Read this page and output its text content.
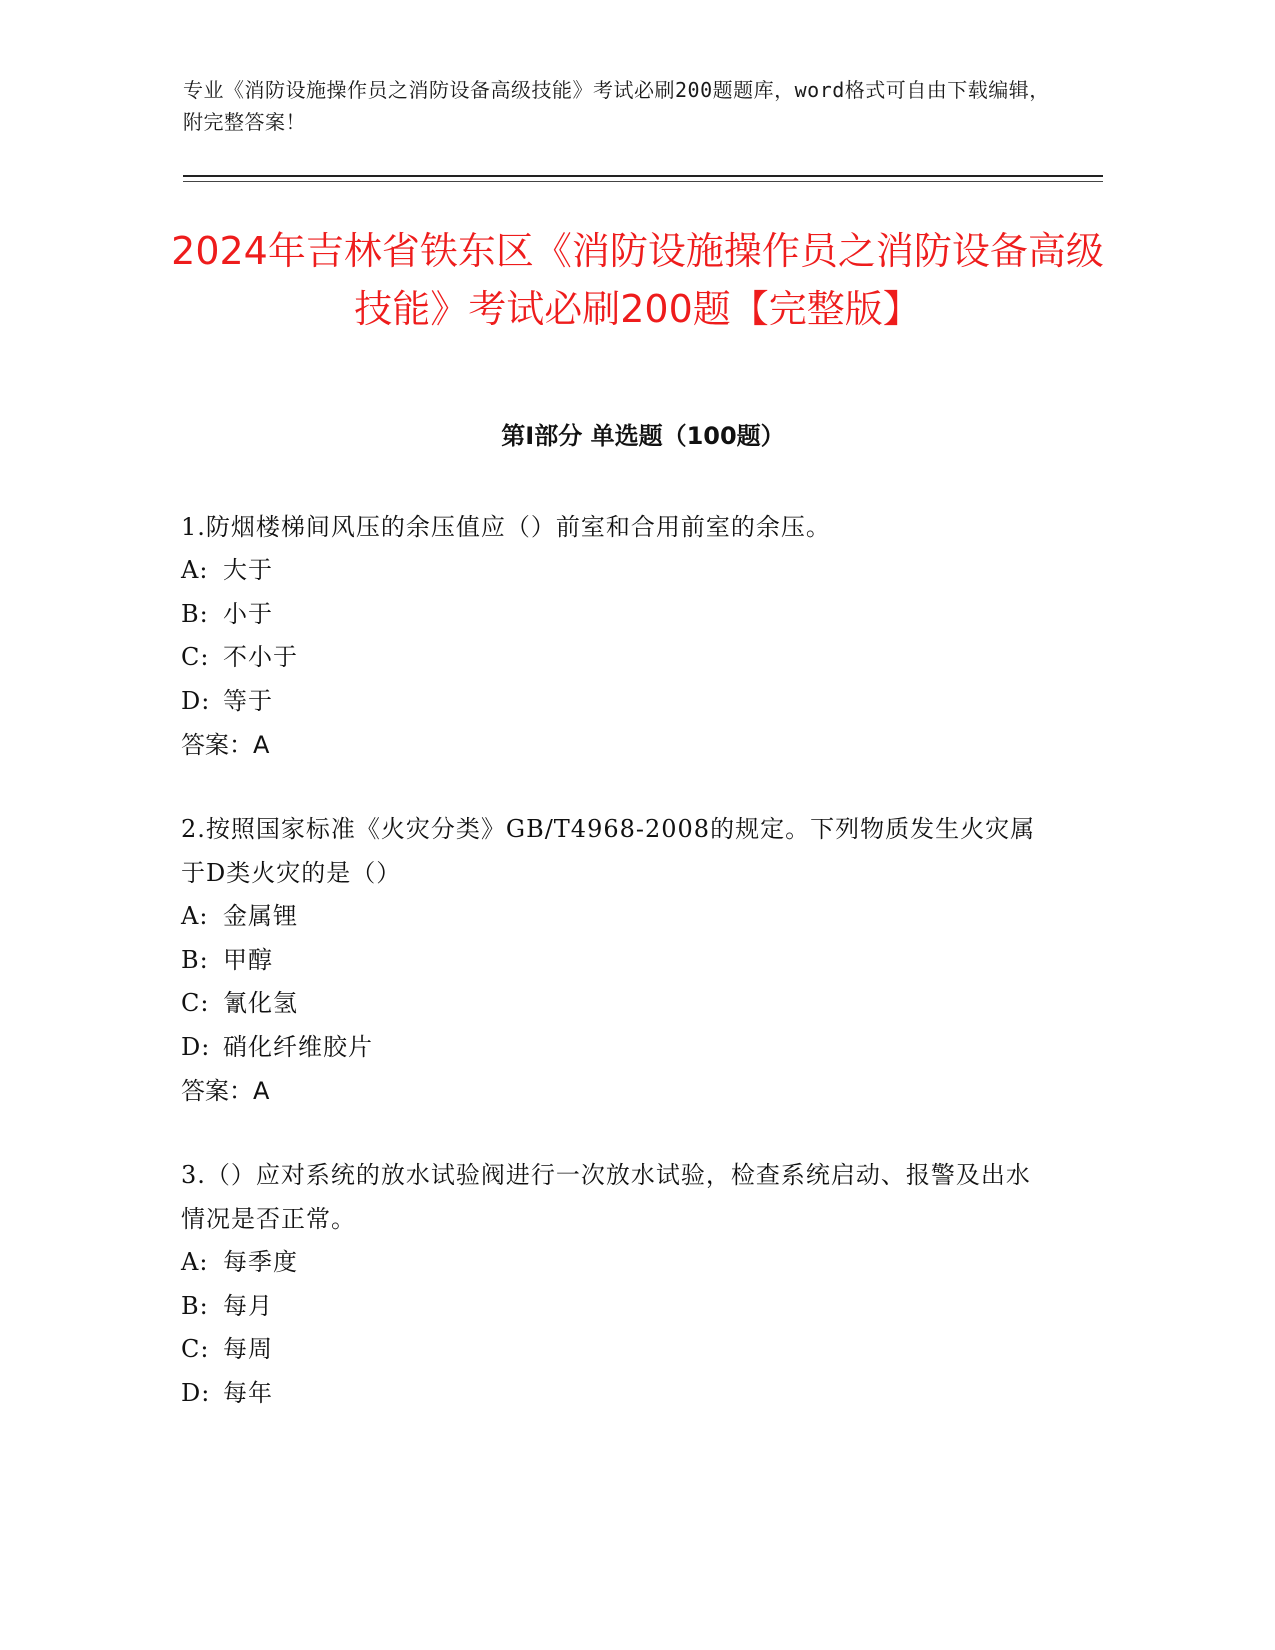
专业《消防设施操作员之消防设备高级技能》考试必刷200题题库，word格式可自由下载编辑，附完整答案！
2024年吉林省铁东区《消防设施操作员之消防设备高级技能》考试必刷200题【完整版】
第I部分 单选题（100题）

1.防烟楼梯间风压的余压值应（）前室和合用前室的余压。

A: 大于
B: 小于
C: 不小于
D: 等于
答案：A

2.按照国家标准《火灾分类》GB/T4968-2008的规定。下列物质发生火灾属于D类火灾的是（）

A: 金属锂
B: 甲醇
C: 氰化氢
D: 硝化纤维胶片
答案：A

3.（）应对系统的放水试验阀进行一次放水试验，检查系统启动、报警及出水情况是否正常。

A: 每季度
B: 每月
C: 每周
D: 每年
